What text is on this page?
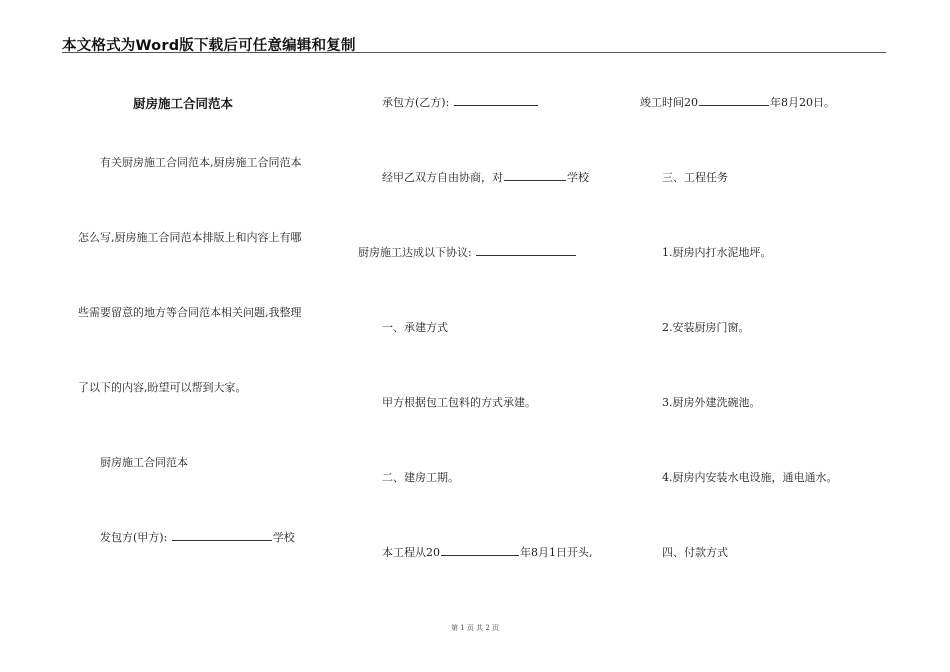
本文格式为Word版下载后可任意编辑和复制
厨房施工合同范本
有关厨房施工合同范本,厨房施工合同范本
怎么写,厨房施工合同范本排版上和内容上有哪
些需要留意的地方等合同范本相关问题,我整理
了以下的内容,盼望可以帮到大家。
厨房施工合同范本
发包方(甲方):	学校
承包方(乙方):
经甲乙双方自由协商，对	学校
厨房施工达成以下协议:
一、承建方式
甲方根据包工包料的方式承建。
二、建房工期。
本工程从20	年8月1日开头,
竣工时间20	年8月20日。
三、工程任务
1.厨房内打水泥地坪。
2.安装厨房门窗。
3.厨房外建洗碗池。
4.厨房内安装水电设施，通电通水。
四、付款方式
第 1 页 共 2 页
